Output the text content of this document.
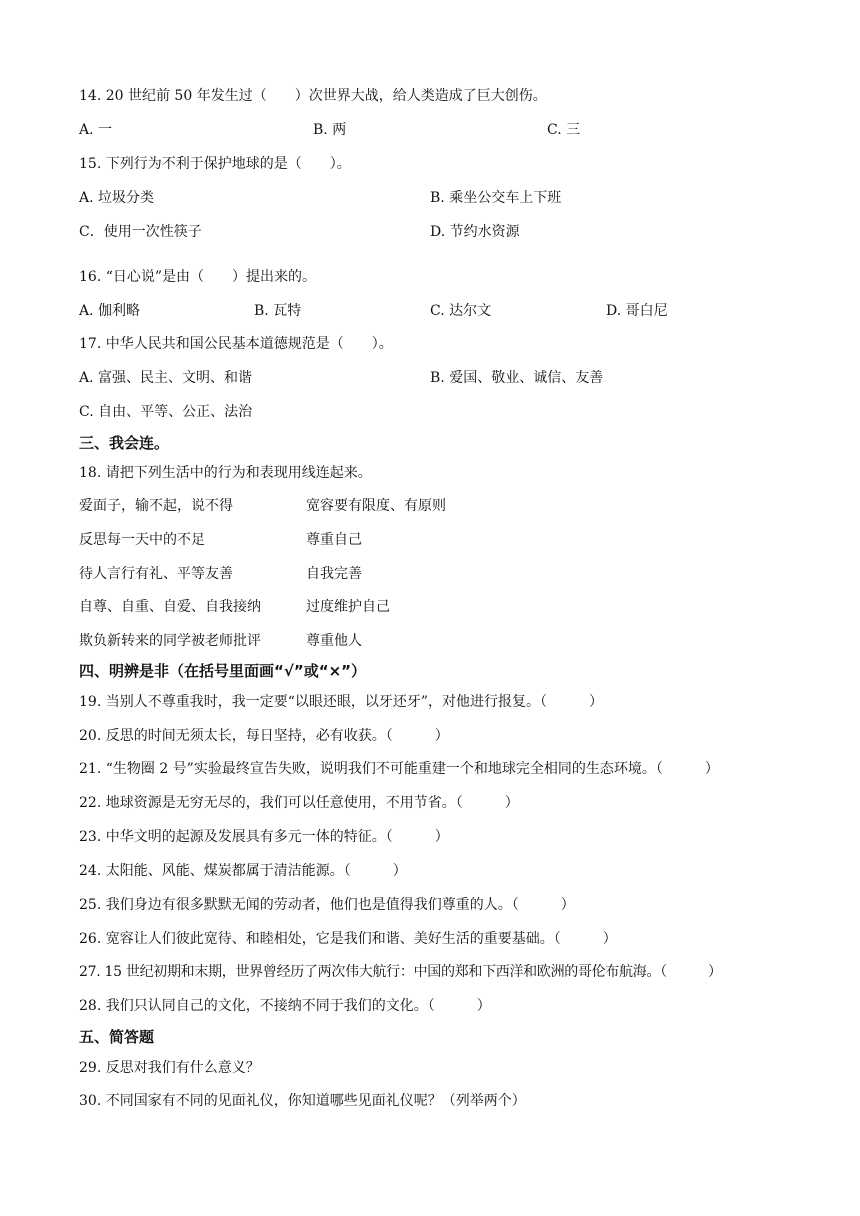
14. 20 世纪前 50 年发生过（　　）次世界大战，给人类造成了巨大创伤。
A. 一	B. 两	C. 三
15. 下列行为不利于保护地球的是（　　）。
A. 垃圾分类	B. 乘坐公交车上下班
C．使用一次性筷子	D. 节约水资源
16. “日心说”是由（　　）提出来的。
A. 伽利略	B. 瓦特	C. 达尔文	D. 哥白尼
17. 中华人民共和国公民基本道德规范是（　　）。
A. 富强、民主、文明、和谐	B. 爱国、敬业、诚信、友善
C. 自由、平等、公正、法治
三、我会连。
18. 请把下列生活中的行为和表现用线连起来。
爱面子，输不起，说不得	宽容要有限度、有原则
反思每一天中的不足	尊重自己
待人言行有礼、平等友善	自我完善
自尊、自重、自爱、自我接纳	过度维护自己
欺负新转来的同学被老师批评	尊重他人
四、明辨是非（在括号里面画“√”或“×”）
19. 当别人不尊重我时，我一定要“以眼还眼，以牙还牙”，对他进行报复。（　　　）
20. 反思的时间无须太长，每日坚持，必有收获。（　　　）
21. “生物圈 2 号”实验最终宣告失败，说明我们不可能重建一个和地球完全相同的生态环境。（　　　）
22. 地球资源是无穷无尽的，我们可以任意使用，不用节省。（　　　）
23. 中华文明的起源及发展具有多元一体的特征。（　　　）
24. 太阳能、风能、煤炭都属于清洁能源。（　　　）
25. 我们身边有很多默默无闻的劳动者，他们也是值得我们尊重的人。（　　　）
26. 宽容让人们彼此宽待、和睦相处，它是我们和谐、美好生活的重要基础。（　　　）
27. 15 世纪初期和末期，世界曾经历了两次伟大航行：中国的郑和下西洋和欧洲的哥伦布航海。（　　　）
28. 我们只认同自己的文化，不接纳不同于我们的文化。（　　　）
五、简答题
29. 反思对我们有什么意义？
30. 不同国家有不同的见面礼仪，你知道哪些见面礼仪呢？（列举两个）
